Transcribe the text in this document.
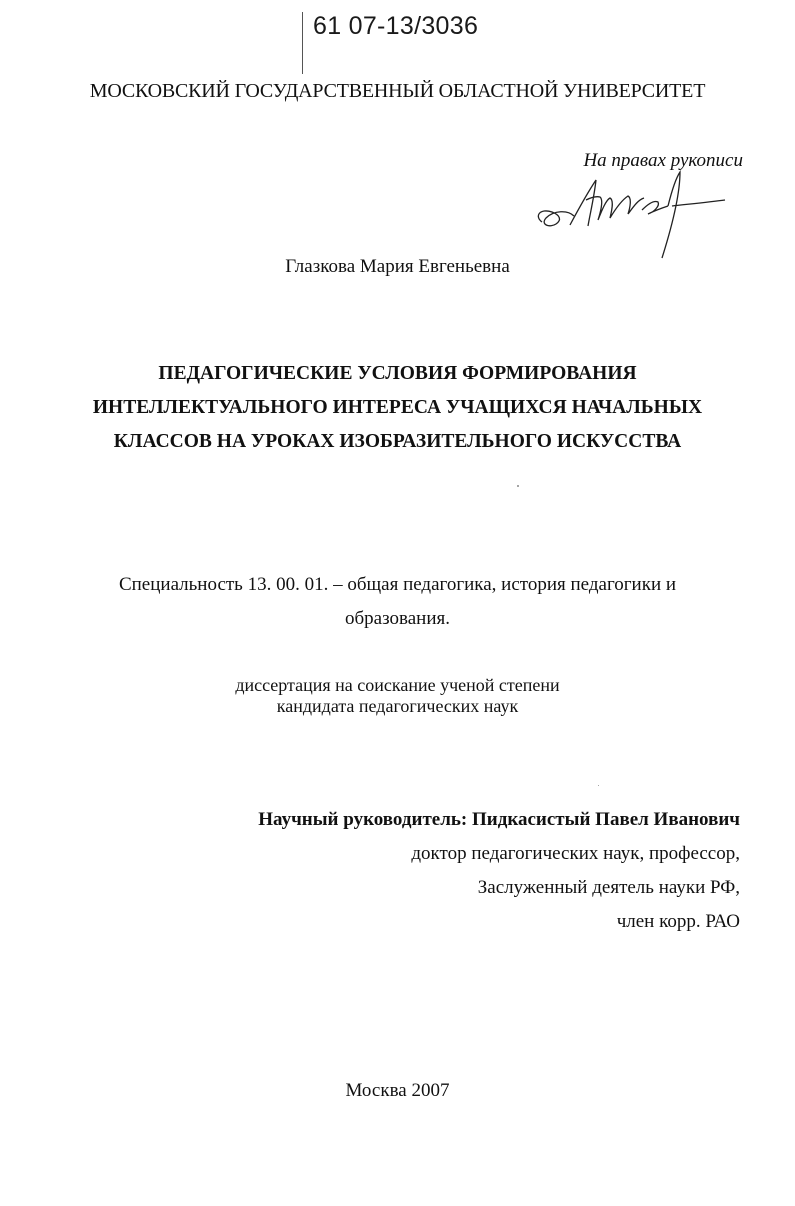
61 07-13/3036
МОСКОВСКИЙ ГОСУДАРСТВЕННЫЙ ОБЛАСТНОЙ УНИВЕРСИТЕТ
На правах рукописи
Глазкова Мария Евгеньевна
ПЕДАГОГИЧЕСКИЕ УСЛОВИЯ ФОРМИРОВАНИЯ
ИНТЕЛЛЕКТУАЛЬНОГО ИНТЕРЕСА УЧАЩИХСЯ НАЧАЛЬНЫХ
КЛАССОВ НА УРОКАХ ИЗОБРАЗИТЕЛЬНОГО ИСКУССТВА
Специальность 13. 00. 01. – общая педагогика, история педагогики и
образования.
диссертация на соискание ученой степени
кандидата педагогических наук
Научный руководитель: Пидкасистый Павел Иванович
доктор педагогических наук, профессор,
Заслуженный деятель науки РФ,
член корр. РАО
Москва 2007
